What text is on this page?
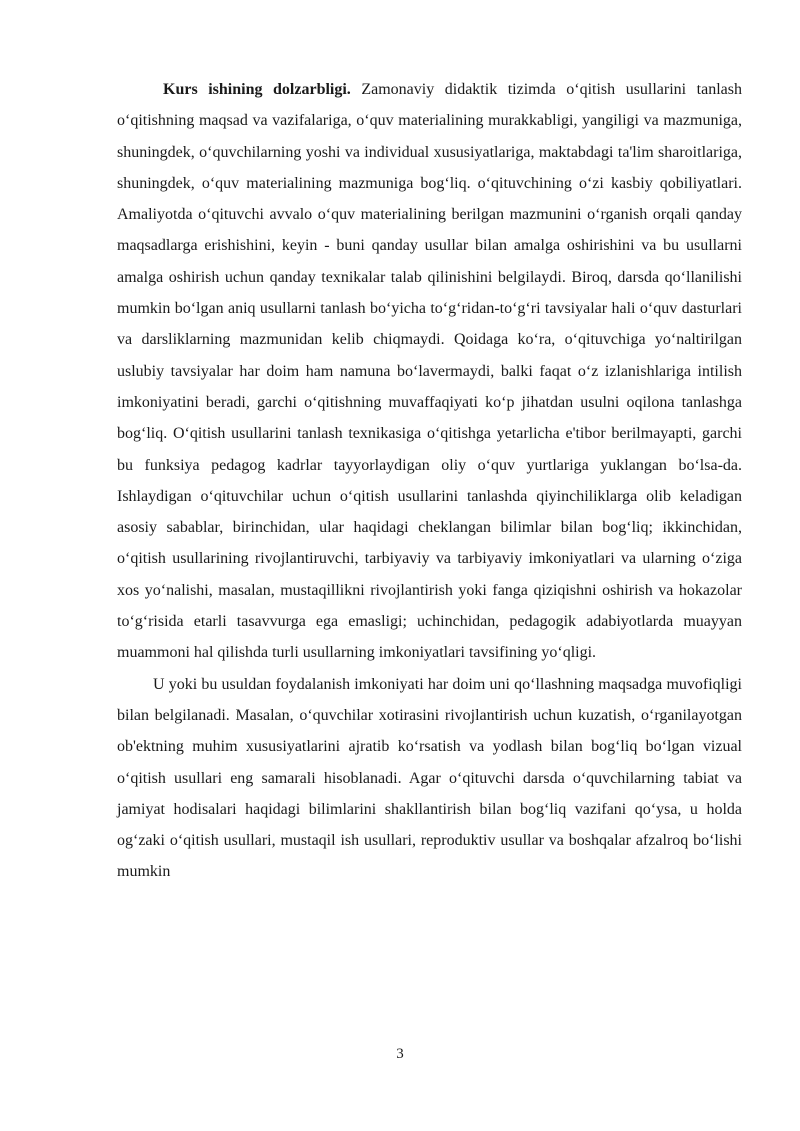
Kurs ishining dolzarbligi. Zamonaviy didaktik tizimda oʻqitish usullarini tanlash oʻqitishning maqsad va vazifalariga, oʻquv materialining murakkabligi, yangiligi va mazmuniga, shuningdek, oʻquvchilarning yoshi va individual xususiyatlariga, maktabdagi ta'lim sharoitlariga, shuningdek, oʻquv materialining mazmuniga bogʻliq. oʻqituvchining oʻzi kasbiy qobiliyatlari. Amaliyotda oʻqituvchi avvalo oʻquv materialining berilgan mazmunini oʻrganish orqali qanday maqsadlarga erishishini, keyin - buni qanday usullar bilan amalga oshirishini va bu usullarni amalga oshirish uchun qanday texnikalar talab qilinishini belgilaydi. Biroq, darsda qoʻllanilishi mumkin boʻlgan aniq usullarni tanlash boʻyicha toʻgʻridan-toʻgʻri tavsiyalar hali oʻquv dasturlari va darsliklarning mazmunidan kelib chiqmaydi. Qoidaga koʻra, oʻqituvchiga yoʻnaltirilgan uslubiy tavsiyalar har doim ham namuna boʻlavermaydi, balki faqat oʻz izlanishlariga intilish imkoniyatini beradi, garchi oʻqitishning muvaffaqiyati koʻp jihatdan usulni oqilona tanlashga bogʻliq. Oʻqitish usullarini tanlash texnikasiga oʻqitishga yetarlicha e'tibor berilmayapti, garchi bu funksiya pedagog kadrlar tayyorlaydigan oliy oʻquv yurtlariga yuklangan boʻlsa-da. Ishlaydigan oʻqituvchilar uchun oʻqitish usullarini tanlashda qiyinchiliklarga olib keladigan asosiy sabablar, birinchidan, ular haqidagi cheklangan bilimlar bilan bogʻliq; ikkinchidan, oʻqitish usullarining rivojlantiruvchi, tarbiyaviy va tarbiyaviy imkoniyatlari va ularning oʻziga xos yoʻnalishi, masalan, mustaqillikni rivojlantirish yoki fanga qiziqishni oshirish va hokazolar toʻgʻrisida etarli tasavvurga ega emasligi; uchinchidan, pedagogik adabiyotlarda muayyan muammoni hal qilishda turli usullarning imkoniyatlari tavsifining yoʻqligi.

U yoki bu usuldan foydalanish imkoniyati har doim uni qoʻllashning maqsadga muvofiqligi bilan belgilanadi. Masalan, oʻquvchilar xotirasini rivojlantirish uchun kuzatish, oʻrganilayotgan ob'ektning muhim xususiyatlarini ajratib koʻrsatish va yodlash bilan bogʻliq boʻlgan vizual oʻqitish usullari eng samarali hisoblanadi. Agar oʻqituvchi darsda oʻquvchilarning tabiat va jamiyat hodisalari haqidagi bilimlarini shakllantirish bilan bogʻliq vazifani qoʻysa, u holda ogʻzaki oʻqitish usullari, mustaqil ish usullari, reproduktiv usullar va boshqalar afzalroq boʻlishi mumkin

3
